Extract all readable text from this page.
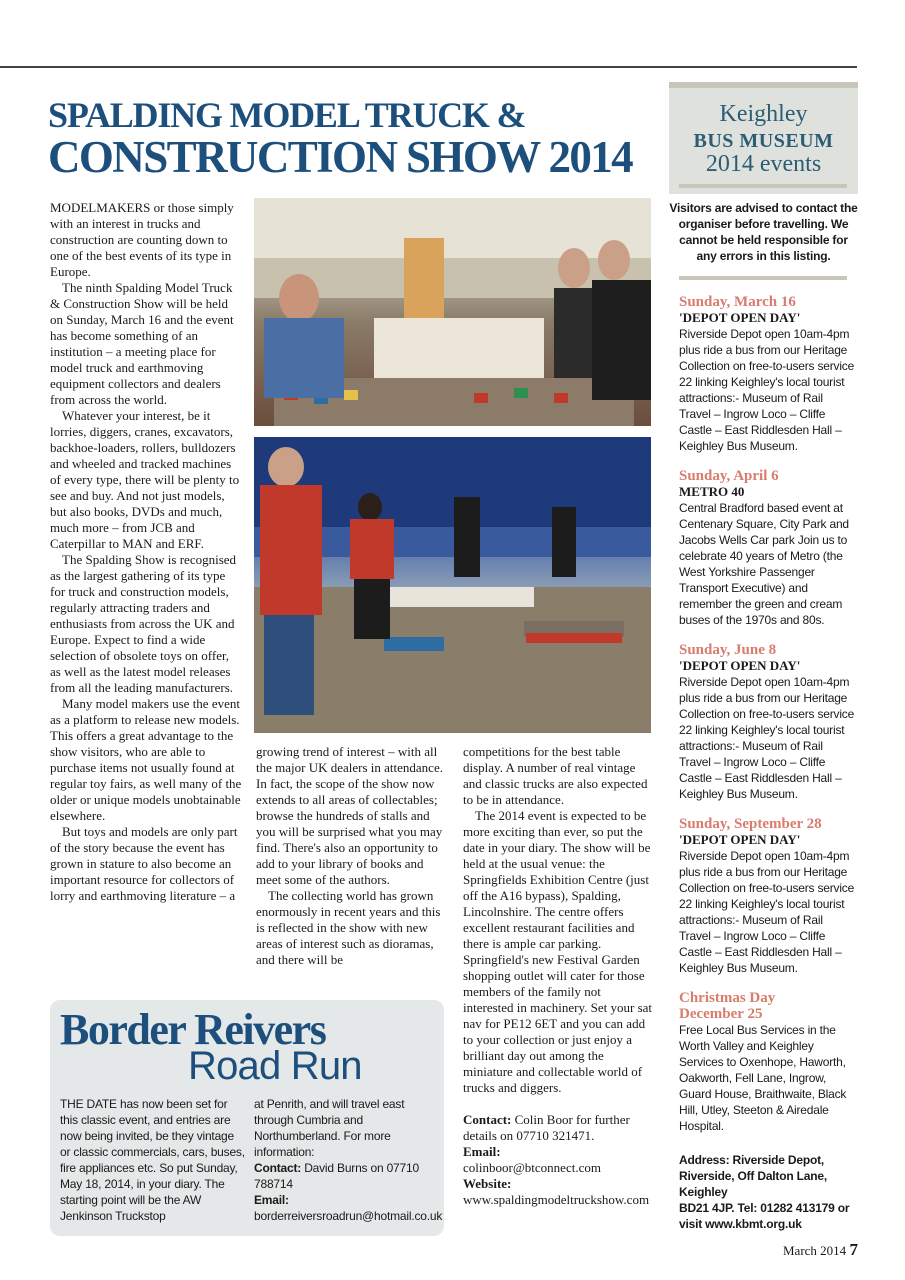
SPALDING MODEL TRUCK &
CONSTRUCTION SHOW 2014

MODELMAKERS or those simply with an interest in trucks and construction are counting down to one of the best events of its type in Europe.

The ninth Spalding Model Truck & Construction Show will be held on Sunday, March 16 and the event has become something of an institution – a meeting place for model truck and earthmoving equipment collectors and dealers from across the world.

Whatever your interest, be it lorries, diggers, cranes, excavators, backhoe-loaders, rollers, bulldozers and wheeled and tracked machines of every type, there will be plenty to see and buy. And not just models, but also books, DVDs and much, much more – from JCB and Caterpillar to MAN and ERF.

The Spalding Show is recognised as the largest gathering of its type for truck and construction models, regularly attracting traders and enthusiasts from across the UK and Europe. Expect to find a wide selection of obsolete toys on offer, as well as the latest model releases from all the leading manufacturers.

Many model makers use the event as a platform to release new models. This offers a great advantage to the show visitors, who are able to purchase items not usually found at regular toy fairs, as well many of the older or unique models unobtainable elsewhere.

But toys and models are only part of the story because the event has grown in stature to also become an important resource for collectors of lorry and earthmoving literature – a

growing trend of interest – with all the major UK dealers in attendance. In fact, the scope of the show now extends to all areas of collectables; browse the hundreds of stalls and you will be surprised what you may find. There's also an opportunity to add to your library of books and meet some of the authors.

The collecting world has grown enormously in recent years and this is reflected in the show with new areas of interest such as dioramas, and there will be

competitions for the best table display. A number of real vintage and classic trucks are also expected to be in attendance.

The 2014 event is expected to be more exciting than ever, so put the date in your diary. The show will be held at the usual venue: the Springfields Exhibition Centre (just off the A16 bypass), Spalding, Lincolnshire. The centre offers excellent restaurant facilities and there is ample car parking. Springfield's new Festival Garden shopping outlet will cater for those members of the family not interested in machinery. Set your sat nav for PE12 6ET and you can add to your collection or just enjoy a brilliant day out among the miniature and collectable world of trucks and diggers.

Contact: Colin Boor for further details on 07710 321471.
Email:
colinboor@btconnect.com
Website:
www.spaldingmodeltruckshow.com
Border Reivers
Road Run
THE DATE has now been set for this classic event, and entries are now being invited, be they vintage or classic commercials, cars, buses, fire appliances etc. So put Sunday, May 18, 2014, in your diary. The starting point will be the AW Jenkinson Truckstop
at Penrith, and will travel east through Cumbria and Northumberland. For more information:
Contact: David Burns on 07710 788714
Email:
borderreiversroadrun@hotmail.co.uk
Keighley
BUS MUSEUM
2014 events
Visitors are advised to contact the organiser before travelling. We cannot be held responsible for any errors in this listing.
Sunday, March 16
'DEPOT OPEN DAY'
Riverside Depot open 10am-4pm plus ride a bus from our Heritage Collection on free-to-users service 22 linking Keighley's local tourist attractions:- Museum of Rail Travel – Ingrow Loco – Cliffe Castle – East Riddlesden Hall – Keighley Bus Museum.
Sunday, April 6
METRO 40
Central Bradford based event at Centenary Square, City Park and Jacobs Wells Car park Join us to celebrate 40 years of Metro (the West Yorkshire Passenger Transport Executive) and remember the green and cream buses of the 1970s and 80s.
Sunday, June 8
'DEPOT OPEN DAY'
Riverside Depot open 10am-4pm plus ride a bus from our Heritage Collection on free-to-users service 22 linking Keighley's local tourist attractions:- Museum of Rail Travel – Ingrow Loco – Cliffe Castle – East Riddlesden Hall – Keighley Bus Museum.
Sunday, September 28
'DEPOT OPEN DAY'
Riverside Depot open 10am-4pm plus ride a bus from our Heritage Collection on free-to-users service 22 linking Keighley's local tourist attractions:- Museum of Rail Travel – Ingrow Loco – Cliffe Castle – East Riddlesden Hall – Keighley Bus Museum.
Christmas Day December 25
Free Local Bus Services in the Worth Valley and Keighley Services to Oxenhope, Haworth, Oakworth, Fell Lane, Ingrow, Guard House, Braithwaite, Black Hill, Utley, Steeton & Airedale Hospital.
Address: Riverside Depot,
Riverside, Off Dalton Lane,
Keighley
BD21 4JP. Tel: 01282 413179 or
visit www.kbmt.org.uk
March 2014 7
